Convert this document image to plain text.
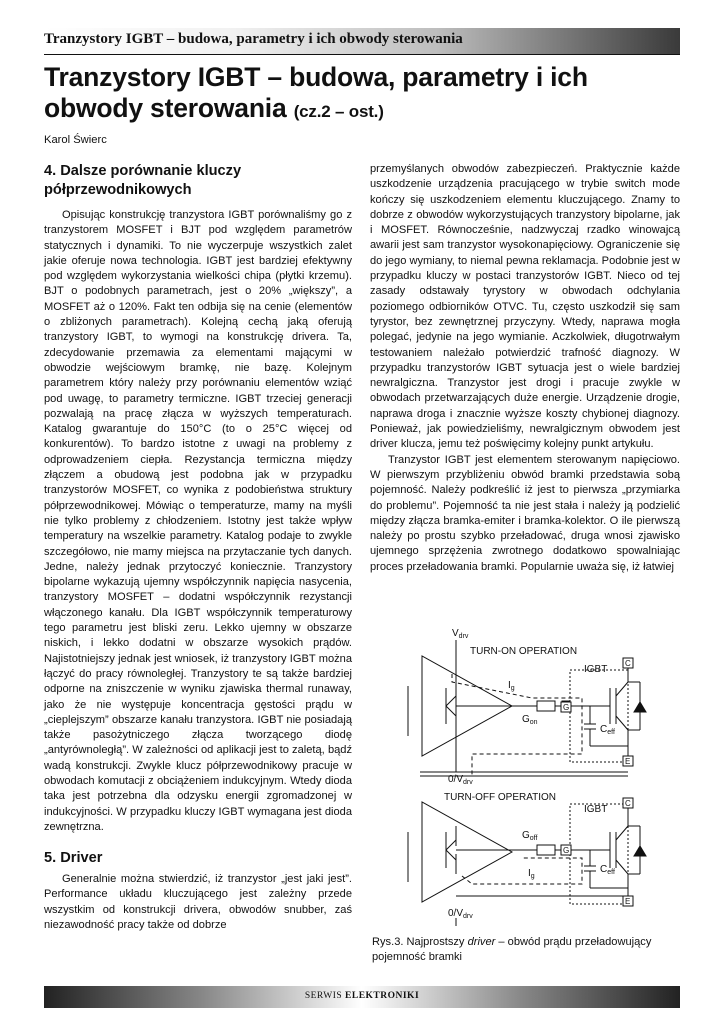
Tranzystory IGBT – budowa, parametry i ich obwody sterowania
Tranzystory IGBT – budowa, parametry i ich obwody sterowania (cz.2 – ost.)
Karol Świerc
4. Dalsze porównanie kluczy półprzewodnikowych

Opisując konstrukcję tranzystora IGBT porównaliśmy go z tranzystorem MOSFET i BJT pod względem parametrów statycznych i dynamiki. To nie wyczerpuje wszystkich zalet jakie oferuje nowa technologia. IGBT jest bardziej efektywny pod względem wykorzystania wielkości chipa (płytki krzemu). BJT o podobnych parametrach, jest o 20% „większy”, a MOSFET aż o 120%. Fakt ten odbija się na cenie (elementów o zbliżonych parametrach). Kolejną cechą jaką oferują tranzystory IGBT, to wymogi na konstrukcję drivera. Ta, zdecydowanie przemawia za elementami mającymi w obwodzie wejściowym bramkę, nie bazę. Kolejnym parametrem który należy przy porównaniu elementów wziąć pod uwagę, to parametry termiczne. IGBT trzeciej generacji pozwalają na pracę złącza w wyższych temperaturach. Katalog gwarantuje do 150°C (to o 25°C więcej od konkurentów). To bardzo istotne z uwagi na problemy z odprowadzeniem ciepła. Rezystancja termiczna między złączem a obudową jest podobna jak w przypadku tranzystorów MOSFET, co wynika z podobieństwa struktury półprzewodnikowej. Mówiąc o temperaturze, mamy na myśli nie tylko problemy z chłodzeniem. Istotny jest także wpływ temperatury na wszelkie parametry. Katalog podaje to zwykle szczegółowo, nie mamy miejsca na przytaczanie tych danych. Jedne, należy jednak przytoczyć koniecznie. Tranzystory bipolarne wykazują ujemny współczynnik napięcia nasycenia, tranzystory MOSFET – dodatni współczynnik rezystancji włączonego kanału. Dla IGBT współczynnik temperaturowy tego parametru jest bliski zeru. Lekko ujemny w obszarze niskich, i lekko dodatni w obszarze wysokich prądów. Najistotniejszy jednak jest wniosek, iż tranzystory IGBT można łączyć do pracy równoległej. Tranzystory te są także bardziej odporne na zniszczenie w wyniku zjawiska thermal runaway, jako że nie występuje koncentracja gęstości prądu w „cieplejszym” obszarze kanału tranzystora. IGBT nie posiadają także pasożytniczego złącza tworzącego diodę „antyrównoległą”. W zależności od aplikacji jest to zaletą, bądź wadą konstrukcji. Zwykle klucz półprzewodnikowy pracuje w obwodach komutacji z obciążeniem indukcyjnym. Wtedy dioda taka jest potrzebna dla odzysku energii zgromadzonej w indukcyjności. W przypadku kluczy IGBT wymagana jest dioda zewnętrzna.

5. Driver

Generalnie można stwierdzić, iż tranzystor „jest jaki jest”. Performance układu kluczującego jest zależny przede wszystkim od konstrukcji drivera, obwodów snubber, zaś niezawodność pracy także od dobrze

przemyślanych obwodów zabezpieczeń. Praktycznie każde uszkodzenie urządzenia pracującego w trybie switch mode kończy się uszkodzeniem elementu kluczującego. Znamy to dobrze z obwodów wykorzystujących tranzystory bipolarne, jak i MOSFET. Równocześnie, nadzwyczaj rzadko winowajcą awarii jest sam tranzystor wysokonapięciowy. Ograniczenie się do jego wymiany, to niemal pewna reklamacja. Podobnie jest w przypadku kluczy w postaci tranzystorów IGBT. Nieco od tej zasady odstawały tyrystory w obwodach odchylania poziomego odbiorników OTVC. Tu, często uszkodził się sam tyrystor, bez zewnętrznej przyczyny. Wtedy, naprawa mogła polegać, jedynie na jego wymianie. Aczkolwiek, długotrwałym testowaniem należało potwierdzić trafność diagnozy. W przypadku tranzystorów IGBT sytuacja jest o wiele bardziej newralgiczna. Tranzystor jest drogi i pracuje zwykle w obwodach przetwarzających duże energie. Urządzenie drogie, naprawa droga i znacznie wyższe koszty chybionej diagnozy. Ponieważ, jak powiedzieliśmy, newralgicznym obwodem jest driver klucza, jemu też poświęcimy kolejny punkt artykułu.

Tranzystor IGBT jest elementem sterowanym napięciowo. W pierwszym przybliżeniu obwód bramki przedstawia sobą pojemność. Należy podkreślić iż jest to pierwsza „przymiarka do problemu”. Pojemność ta nie jest stała i należy ją podzielić między złącza bramka-emiter i bramka-kolektor. O ile pierwszą należy po prostu szybko przeładować, druga wnosi zjawisko ujemnego sprzężenia zwrotnego dodatkowo spowalniając proces przeładowania bramki. Popularnie uważa się, iż łatwiej

$V_{drv}$
TURN-ON OPERATION
IGBT
$I_g$
$G_{on}$
$C_{eff}$
$0/V_{drv}$
TURN-OFF OPERATION
IGBT
$G_{off}$
$C_{eff}$
$I_g$
$0/V_{drv}$
C
G
E
C
G
E
Rys.3. Najprostszy driver – obwód prądu przeładowujący pojemność bramki
SERWIS ELEKTRONIKI
